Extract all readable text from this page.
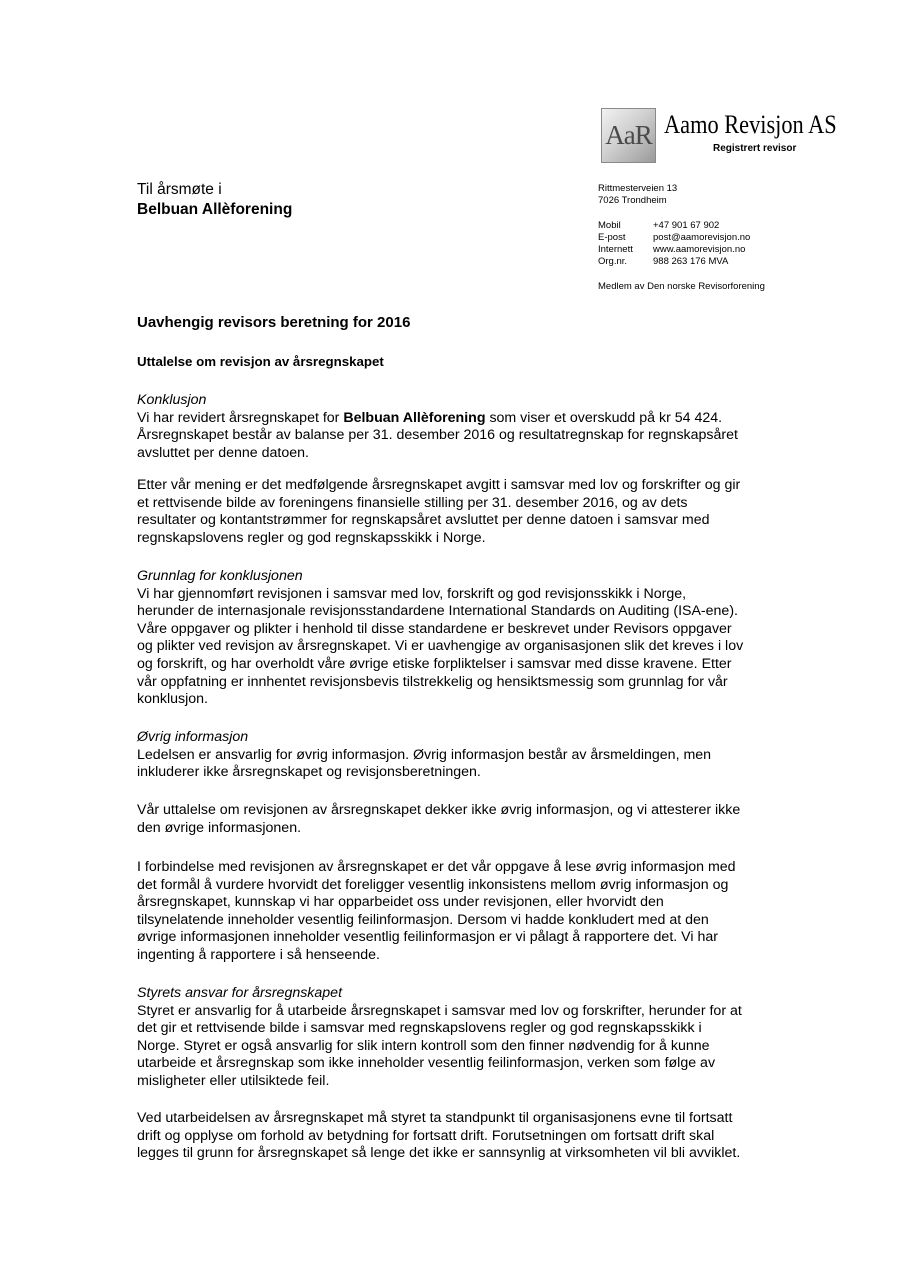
AaR Aamo Revisjon AS
Registrert revisor
Rittmesterveien 13
7026 Trondheim
Mobil	+47 901 67 902
E-post	post@aamorevisjon.no
Internett www.aamorevisjon.no
Org.nr.	988 263 176 MVA
Medlem av Den norske Revisorforening
Til årsmøte i
Belbuan Allèforening
Uavhengig revisors beretning for 2016
Uttalelse om revisjon av årsregnskapet
Konklusjon

Vi har revidert årsregnskapet for Belbuan Allèforening som viser et overskudd på kr 54 424.
Årsregnskapet består av balanse per 31. desember 2016 og resultatregnskap for regnskapsåret
avsluttet per denne datoen.

Etter vår mening er det medfølgende årsregnskapet avgitt i samsvar med lov og forskrifter og gir
et rettvisende bilde av foreningens finansielle stilling per 31. desember 2016, og av dets
resultater og kontantstrømmer for regnskapsåret avsluttet per denne datoen i samsvar med
regnskapslovens regler og god regnskapsskikk i Norge.

Grunnlag for konklusjonen

Vi har gjennomført revisjonen i samsvar med lov, forskrift og god revisjonsskikk i Norge,
herunder de internasjonale revisjonsstandardene International Standards on Auditing (ISA-ene).
Våre oppgaver og plikter i henhold til disse standardene er beskrevet under Revisors oppgaver
og plikter ved revisjon av årsregnskapet. Vi er uavhengige av organisasjonen slik det kreves i lov
og forskrift, og har overholdt våre øvrige etiske forpliktelser i samsvar med disse kravene. Etter
vår oppfatning er innhentet revisjonsbevis tilstrekkelig og hensiktsmessig som grunnlag for vår
konklusjon.

Øvrig informasjon

Ledelsen er ansvarlig for øvrig informasjon. Øvrig informasjon består av årsmeldingen, men
inkluderer ikke årsregnskapet og revisjonsberetningen.

Vår uttalelse om revisjonen av årsregnskapet dekker ikke øvrig informasjon, og vi attesterer ikke
den øvrige informasjonen.

I forbindelse med revisjonen av årsregnskapet er det vår oppgave å lese øvrig informasjon med
det formål å vurdere hvorvidt det foreligger vesentlig inkonsistens mellom øvrig informasjon og
årsregnskapet, kunnskap vi har opparbeidet oss under revisjonen, eller hvorvidt den
tilsynelatende inneholder vesentlig feilinformasjon. Dersom vi hadde konkludert med at den
øvrige informasjonen inneholder vesentlig feilinformasjon er vi pålagt å rapportere det. Vi har
ingenting å rapportere i så henseende.

Styrets ansvar for årsregnskapet

Styret er ansvarlig for å utarbeide årsregnskapet i samsvar med lov og forskrifter, herunder for at
det gir et rettvisende bilde i samsvar med regnskapslovens regler og god regnskapsskikk i
Norge. Styret er også ansvarlig for slik intern kontroll som den finner nødvendig for å kunne
utarbeide et årsregnskap som ikke inneholder vesentlig feilinformasjon, verken som følge av
misligheter eller utilsiktede feil.

Ved utarbeidelsen av årsregnskapet må styret ta standpunkt til organisasjonens evne til fortsatt
drift og opplyse om forhold av betydning for fortsatt drift. Forutsetningen om fortsatt drift skal
legges til grunn for årsregnskapet så lenge det ikke er sannsynlig at virksomheten vil bli avviklet.
